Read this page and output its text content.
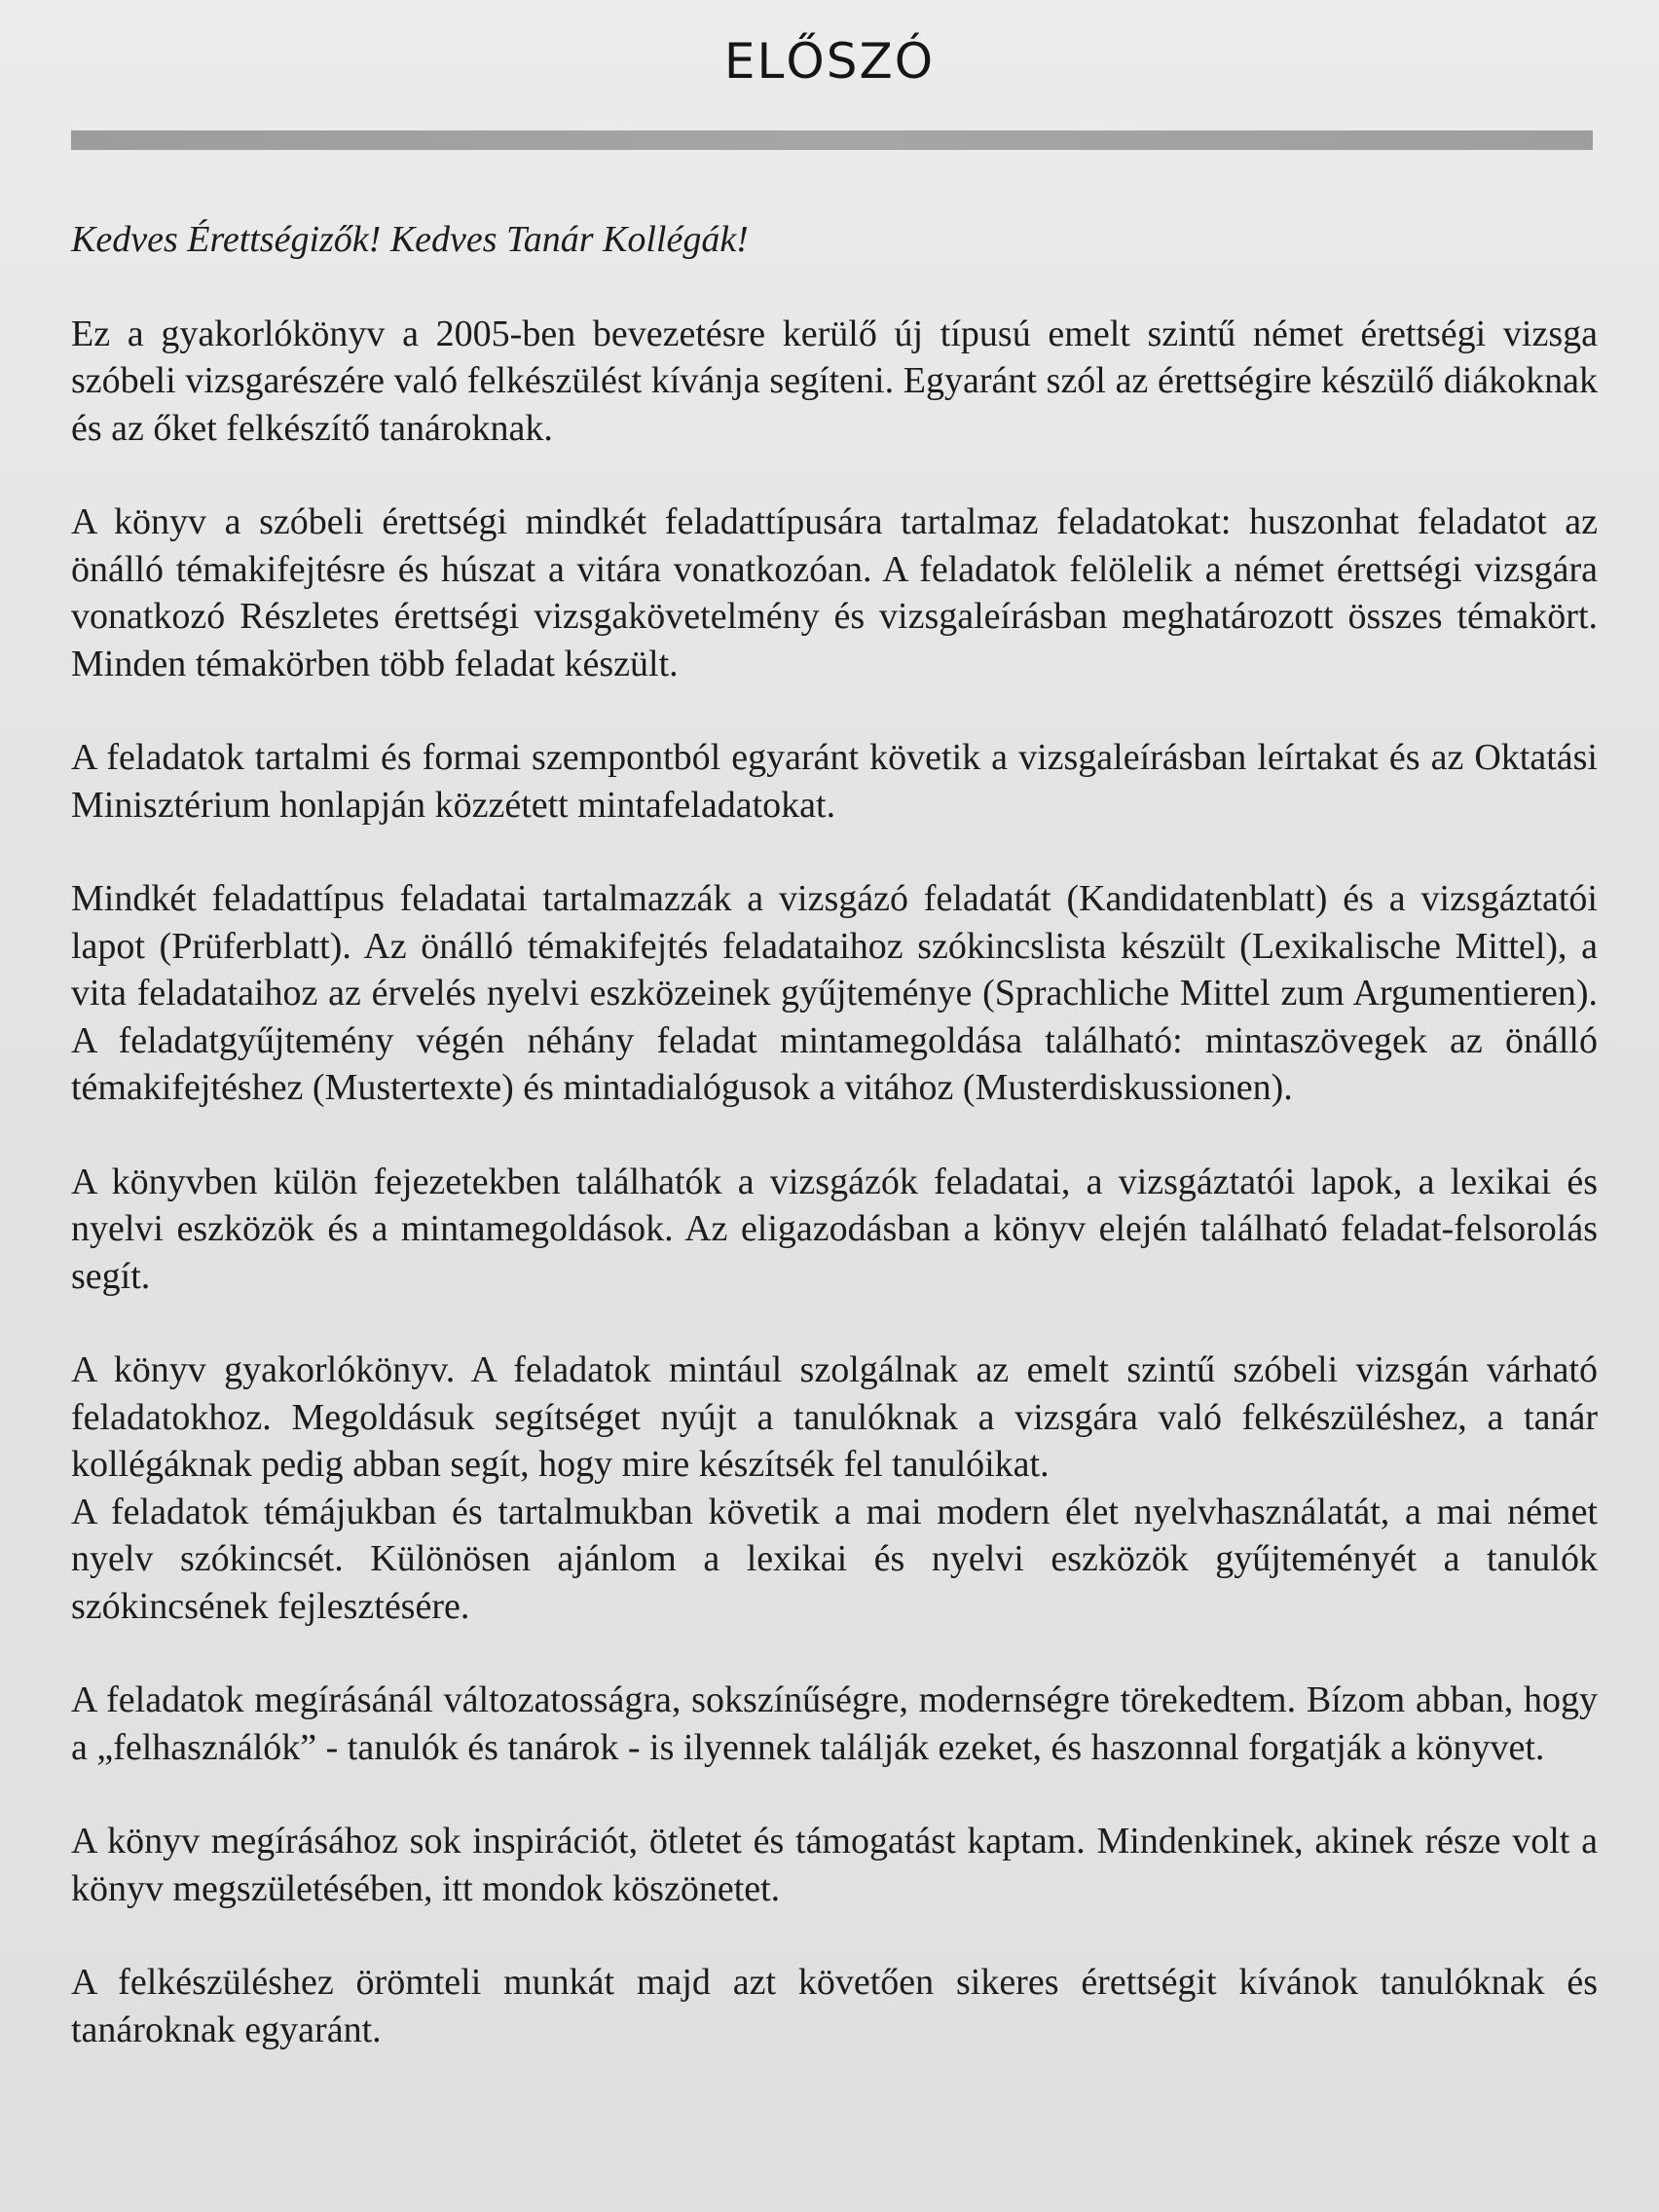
ELŐSZÓ

Kedves Érettségizők! Kedves Tanár Kollégák!

Ez a gyakorlókönyv a 2005-ben bevezetésre kerülő új típusú emelt szintű német érettségi vizsga szóbeli vizsgarészére való felkészülést kívánja segíteni. Egyaránt szól az érettségire készülő diákoknak és az őket felkészítő tanároknak.

A könyv a szóbeli érettségi mindkét feladattípusára tartalmaz feladatokat: huszonhat feladatot az önálló témakifejtésre és húszat a vitára vonatkozóan. A feladatok felölelik a német érettségi vizsgára vonatkozó Részletes érettségi vizsgakövetelmény és vizsgaleírásban meghatározott összes témakört. Minden témakörben több feladat készült.

A feladatok tartalmi és formai szempontból egyaránt követik a vizsgaleírásban leírtakat és az Oktatási Minisztérium honlapján közzétett mintafeladatokat.

Mindkét feladattípus feladatai tartalmazzák a vizsgázó feladatát (Kandidatenblatt) és a vizsgáztatói lapot (Prüferblatt). Az önálló témakifejtés feladataihoz szókincslista készült (Lexikalische Mittel), a vita feladataihoz az érvelés nyelvi eszközeinek gyűjteménye (Sprachliche Mittel zum Argumentieren). A feladatgyűjtemény végén néhány feladat mintamegoldása található: mintaszövegek az önálló témakifejtéshez (Mustertexte) és mintadialógusok a vitához (Musterdiskussionen).

A könyvben külön fejezetekben találhatók a vizsgázók feladatai, a vizsgáztatói lapok, a lexikai és nyelvi eszközök és a mintamegoldások. Az eligazodásban a könyv elején található feladat-felsorolás segít.

A könyv gyakorlókönyv. A feladatok mintául szolgálnak az emelt szintű szóbeli vizsgán várható feladatokhoz. Megoldásuk segítséget nyújt a tanulóknak a vizsgára való felkészüléshez, a tanár kollégáknak pedig abban segít, hogy mire készítsék fel tanulóikat.

A feladatok témájukban és tartalmukban követik a mai modern élet nyelvhasználatát, a mai német nyelv szókincsét. Különösen ajánlom a lexikai és nyelvi eszközök gyűjteményét a tanulók szókincsének fejlesztésére.

A feladatok megírásánál változatosságra, sokszínűségre, modernségre törekedtem. Bízom abban, hogy a „felhasználók” - tanulók és tanárok - is ilyennek találják ezeket, és haszonnal forgatják a könyvet.

A könyv megírásához sok inspirációt, ötletet és támogatást kaptam. Mindenkinek, akinek része volt a könyv megszületésében, itt mondok köszönetet.

A felkészüléshez örömteli munkát majd azt követően sikeres érettségit kívánok tanulóknak és tanároknak egyaránt.
